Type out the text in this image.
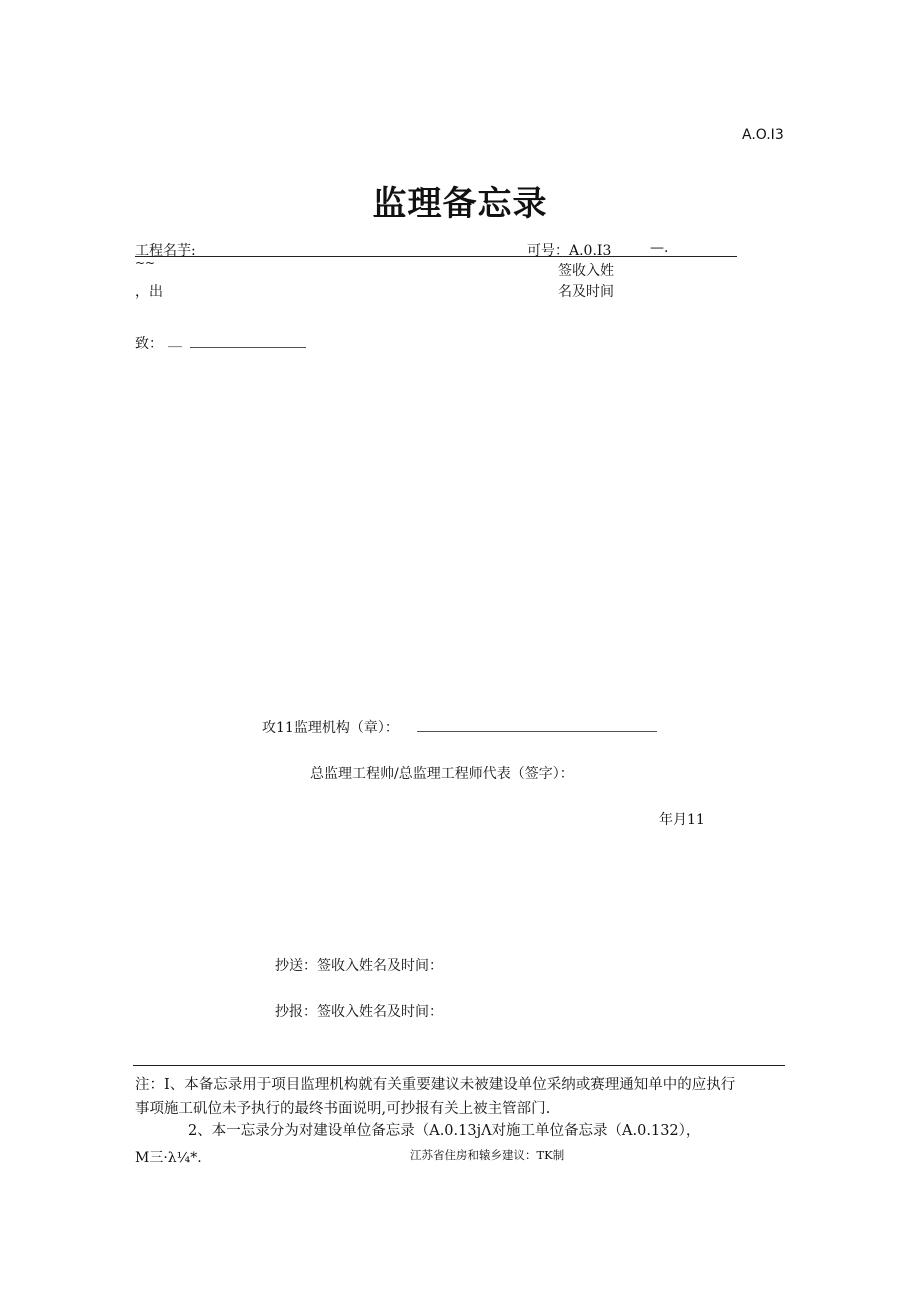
A.O.I3
监理备忘录
工程名芋:	可号：A.0.I3	—.
~~	签收入姓
，出	名及时间
致： __
攻11监理机构（章）：
总监理工程帅/总监理工程师代表（签字）：
年月11
抄送：签收入姓名及时间：
抄报：签收入姓名及时间：
注：I、本备忘录用于项目监理机构就有关重要建议未被建设单位采纳或赛理通知单中的应执行
事项施工矶位未予执行的最终书面说明,可抄报有关上被主管部门.
2、本一忘录分为对建设单位备忘录（A.0.13jΛ对施工单位备忘录（A.0.132），
M三·λ¼*.	江苏省住房和辕乡建议：TK制
